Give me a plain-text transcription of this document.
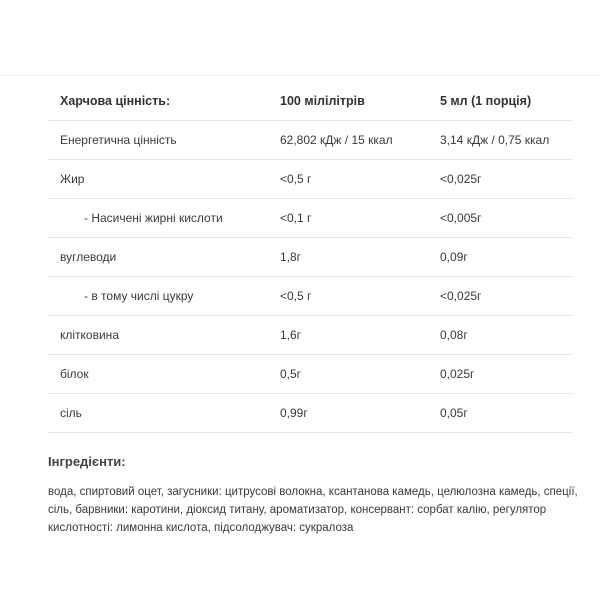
Харчова цінність:	100 мілілітрів	5 мл (1 порція)
Енергетична цінність	62,802 кДж / 15 ккал	3,14 кДж / 0,75 ккал
Жир	<0,5 г	<0,025г
- Насичені жирні кислоти	<0,1 г	<0,005г
вуглеводи	1,8г	0,09г
- в тому числі цукру	<0,5 г	<0,025г
клітковина	1,6г	0,08г
білок	0,5г	0,025г
сіль	0,99г	0,05г
Інгредієнти:

вода, спиртовий оцет, загусники: цитрусові волокна, ксантанова камедь, целюлозна камедь, спеції, сіль, барвники: каротини, діоксид титану, ароматизатор, консервант: сорбат калію, регулятор кислотності: лимонна кислота, підсолоджувач: сукралоза
